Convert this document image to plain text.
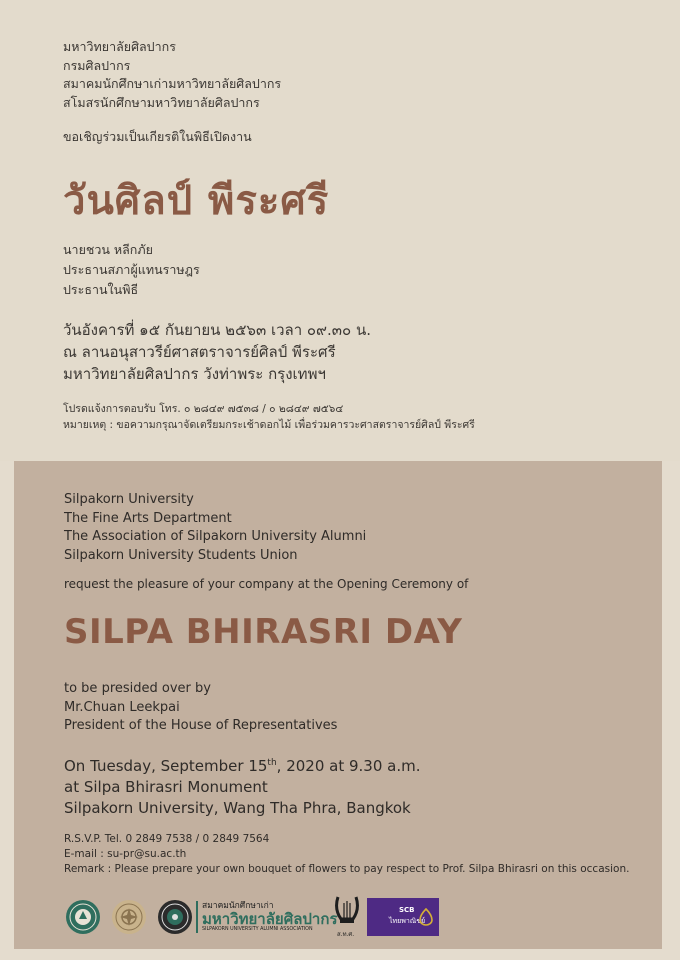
มหาวิทยาลัยศิลปากร
กรมศิลปากร
สมาคมนักศึกษาเก่ามหาวิทยาลัยศิลปากร
สโมสรนักศึกษามหาวิทยาลัยศิลปากร
ขอเชิญร่วมเป็นเกียรติในพิธีเปิดงาน
วันศิลป์ พีระศรี
นายชวน หลีกภัย
ประธานสภาผู้แทนราษฎร
ประธานในพิธี
วันอังคารที่ ๑๕ กันยายน ๒๕๖๓ เวลา ๐๙.๓๐ น.
ณ ลานอนุสาวรีย์ศาสตราจารย์ศิลป์ พีระศรี
มหาวิทยาลัยศิลปากร วังท่าพระ กรุงเทพฯ
โปรดแจ้งการตอบรับ โทร. ๐ ๒๘๔๙ ๗๕๓๘ / ๐ ๒๘๔๙ ๗๕๖๔
หมายเหตุ : ขอความกรุณาจัดเตรียมกระเช้าดอกไม้ เพื่อร่วมคารวะศาสตราจารย์ศิลป์ พีระศรี
Silpakorn University
The Fine Arts Department
The Association of Silpakorn University Alumni
Silpakorn University Students Union
request the pleasure of your company at the Opening Ceremony of
SILPA BHIRASRI DAY
to be presided over by
Mr.Chuan Leekpai
President of the House of Representatives
On Tuesday, September 15th, 2020 at 9.30 a.m.
at Silpa Bhirasri Monument
Silpakorn University, Wang Tha Phra, Bangkok
R.S.V.P. Tel. 0 2849 7538 / 0 2849 7564
E-mail : su-pr@su.ac.th
Remark : Please prepare your own bouquet of flowers to pay respect to Prof. Silpa Bhirasri on this occasion.
สมาคมนักศึกษาเก่า
มหาวิทยาลัยศิลปากร
SILPAKORN UNIVERSITY ALUMNI ASSOCIATION
ส.ท.ศ.
SCB
ไทยพาณิชย์
